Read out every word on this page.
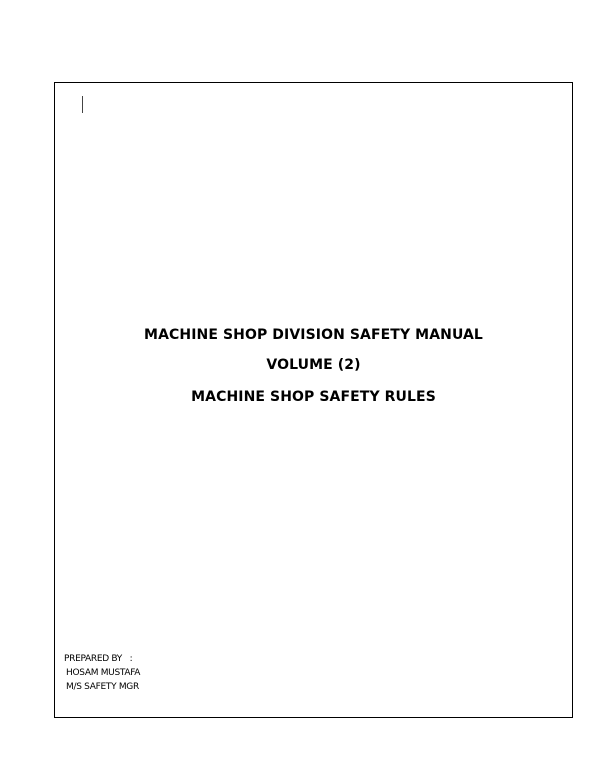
MACHINE SHOP DIVISION SAFETY MANUAL
VOLUME (2)
MACHINE SHOP SAFETY RULES
PREPARED BY   :
HOSAM MUSTAFA
M/S SAFETY MGR
